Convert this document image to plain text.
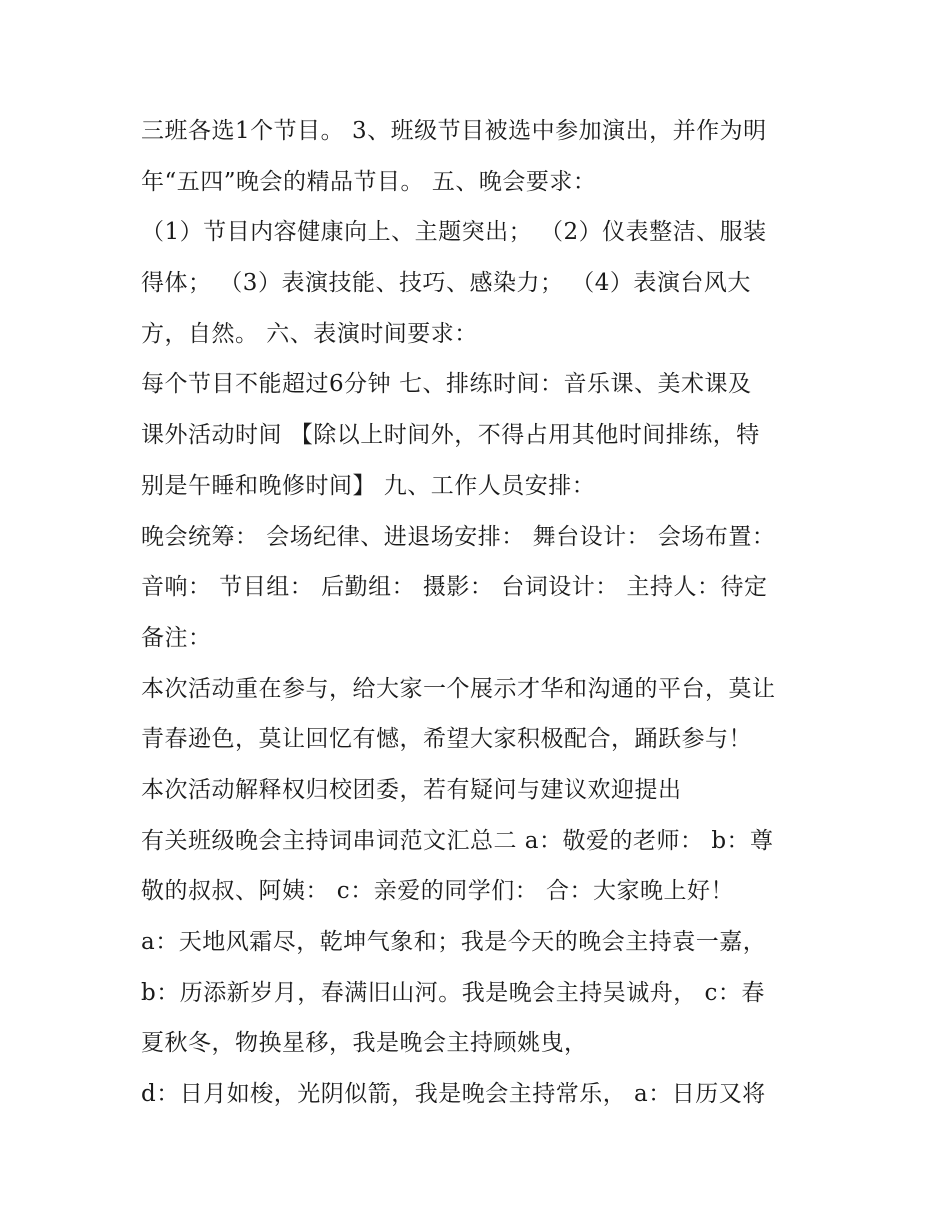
三班各选1个节目。 3、班级节目被选中参加演出，并作为明
年“五四”晚会的精品节目。 五、晚会要求：
（1）节目内容健康向上、主题突出； （2）仪表整洁、服装
得体； （3）表演技能、技巧、感染力； （4）表演台风大
方，自然。 六、表演时间要求：
每个节目不能超过6分钟 七、排练时间：音乐课、美术课及
课外活动时间 【除以上时间外，不得占用其他时间排练，特
别是午睡和晚修时间】 九、工作人员安排：
晚会统筹： 会场纪律、进退场安排： 舞台设计： 会场布置：
音响： 节目组： 后勤组： 摄影： 台词设计： 主持人：待定
备注：
本次活动重在参与，给大家一个展示才华和沟通的平台，莫让
青春逊色，莫让回忆有憾，希望大家积极配合，踊跃参与！
本次活动解释权归校团委，若有疑问与建议欢迎提出
有关班级晚会主持词串词范文汇总二 a：敬爱的老师： b：尊
敬的叔叔、阿姨： c：亲爱的同学们： 合：大家晚上好！
a：天地风霜尽，乾坤气象和；我是今天的晚会主持袁一嘉，
b：历添新岁月，春满旧山河。我是晚会主持吴诚舟， c：春
夏秋冬，物换星移，我是晚会主持顾姚曳，
d：日月如梭，光阴似箭，我是晚会主持常乐， a：日历又将
